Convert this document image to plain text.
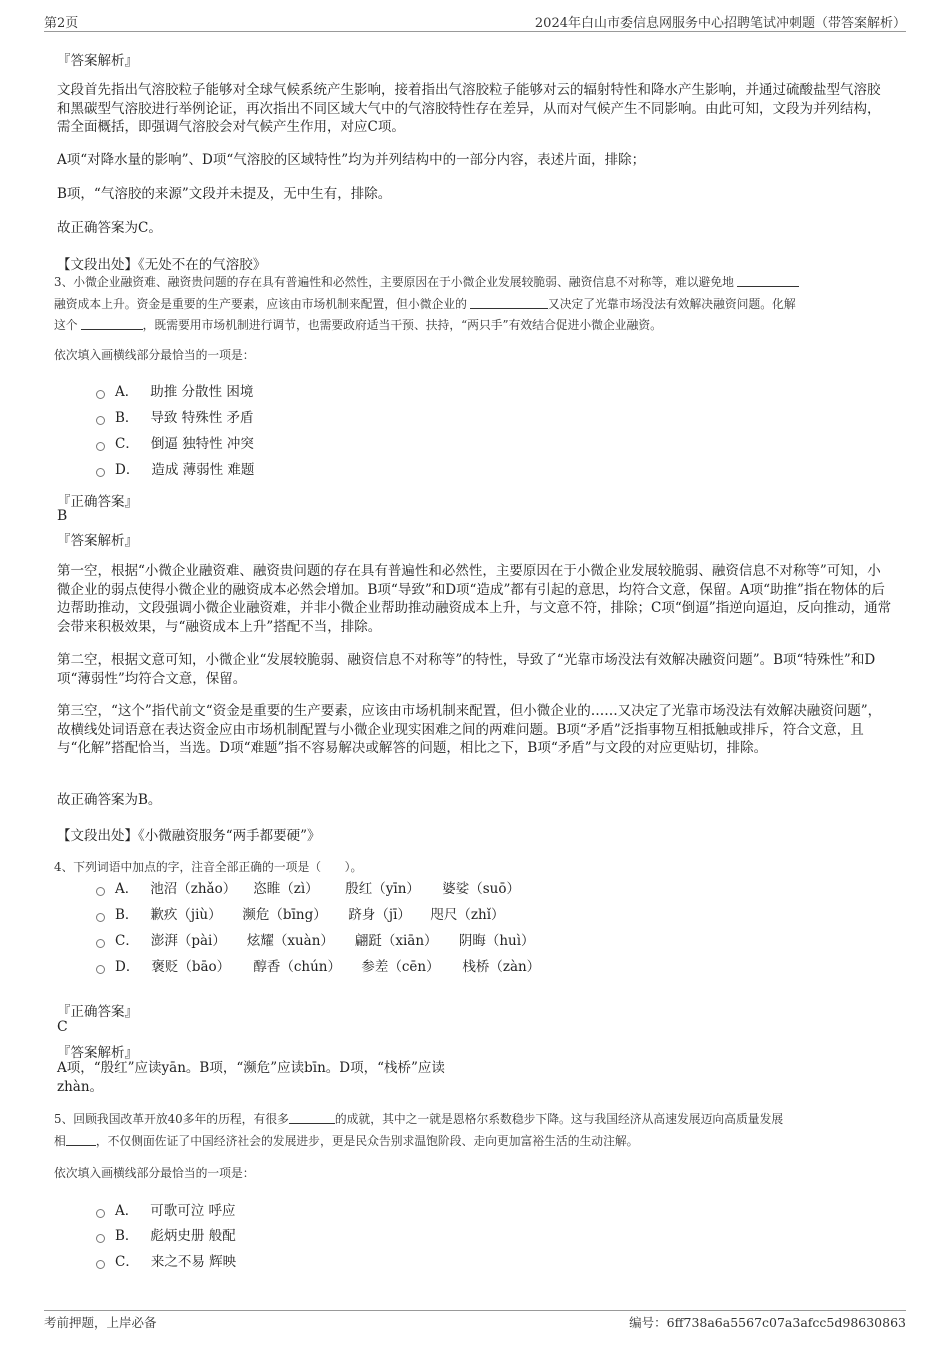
第2页	2024年白山市委信息网服务中心招聘笔试冲刺题（带答案解析）
『答案解析』
文段首先指出气溶胶粒子能够对全球气候系统产生影响，接着指出气溶胶粒子能够对云的辐射特性和降水产生影响，并通过硫酸盐型气溶胶和黑碳型气溶胶进行举例论证，再次指出不同区域大气中的气溶胶特性存在差异，从而对气候产生不同影响。由此可知，文段为并列结构，需全面概括，即强调气溶胶会对气候产生作用，对应C项。
A项“对降水量的影响”、D项“气溶胶的区域特性”均为并列结构中的一部分内容，表述片面，排除；
B项，“气溶胶的来源”文段并未提及，无中生有，排除。
故正确答案为C。
【文段出处】《无处不在的气溶胶》
3、小微企业融资难、融资贵问题的存在具有普遍性和必然性，主要原因在于小微企业发展较脆弱、融资信息不对称等，难以避免地
融资成本上升。资金是重要的生产要素，应该由市场机制来配置，但小微企业的	又决定了光靠市场没法有效解决融资问题。化解
这个	，既需要用市场机制进行调节，也需要政府适当干预、扶持，“两只手”有效结合促进小微企业融资。
依次填入画横线部分最恰当的一项是：
A． 助推 分散性 困境
B． 导致 特殊性 矛盾
C． 倒逼 独特性 冲突
D． 造成 薄弱性 难题
『正确答案』
B
『答案解析』
第一空，根据“小微企业融资难、融资贵问题的存在具有普遍性和必然性，主要原因在于小微企业发展较脆弱、融资信息不对称等”可知，小微企业的弱点使得小微企业的融资成本必然会增加。B项“导致”和D项“造成”都有引起的意思，均符合文意，保留。A项“助推”指在物体的后边帮助推动，文段强调小微企业融资难，并非小微企业帮助推动融资成本上升，与文意不符，排除；C项“倒逼”指逆向逼迫，反向推动，通常会带来积极效果，与“融资成本上升”搭配不当，排除。
第二空，根据文意可知，小微企业“发展较脆弱、融资信息不对称等”的特性，导致了“光靠市场没法有效解决融资问题”。B项“特殊性”和D项“薄弱性”均符合文意，保留。
第三空，“这个”指代前文“资金是重要的生产要素，应该由市场机制来配置，但小微企业的……又决定了光靠市场没法有效解决融资问题”，故横线处词语意在表达资金应由市场机制配置与小微企业现实困难之间的两难问题。B项“矛盾”泛指事物互相抵触或排斥，符合文意，且与“化解”搭配恰当，当选。D项“难题”指不容易解决或解答的问题，相比之下，B项“矛盾”与文段的对应更贴切，排除。
故正确答案为B。
【文段出处】《小微融资服务“两手都要硬”》
4、下列词语中加点的字，注音全部正确的一项是（　　）。
A． 池沼（zhǎo） 恣睢（zì） 殷红（yīn） 婆娑（suō）
B． 歉疚（jiù） 濒危（bīng） 跻身（jī） 咫尺（zhǐ）
C． 澎湃（pài） 炫耀（xuàn） 翩跹（xiān） 阴晦（huì）
D． 褒贬（bāo） 醇香（chún） 参差（cēn） 栈桥（zàn）
『正确答案』
C
『答案解析』
A项，“殷红”应读yān。B项，“濒危”应读bīn。D项，“栈桥”应读
zhàn。
5、回顾我国改革开放40多年的历程，有很多	的成就，其中之一就是恩格尔系数稳步下降。这与我国经济从高速发展迈向高质量发展
相	，不仅侧面佐证了中国经济社会的发展进步，更是民众告别求温饱阶段、走向更加富裕生活的生动注解。
依次填入画横线部分最恰当的一项是：
A． 可歌可泣 呼应
B． 彪炳史册 般配
C． 来之不易 辉映
考前押题，上岸必备	编号：6ff738a6a5567c07a3afcc5d98630863
